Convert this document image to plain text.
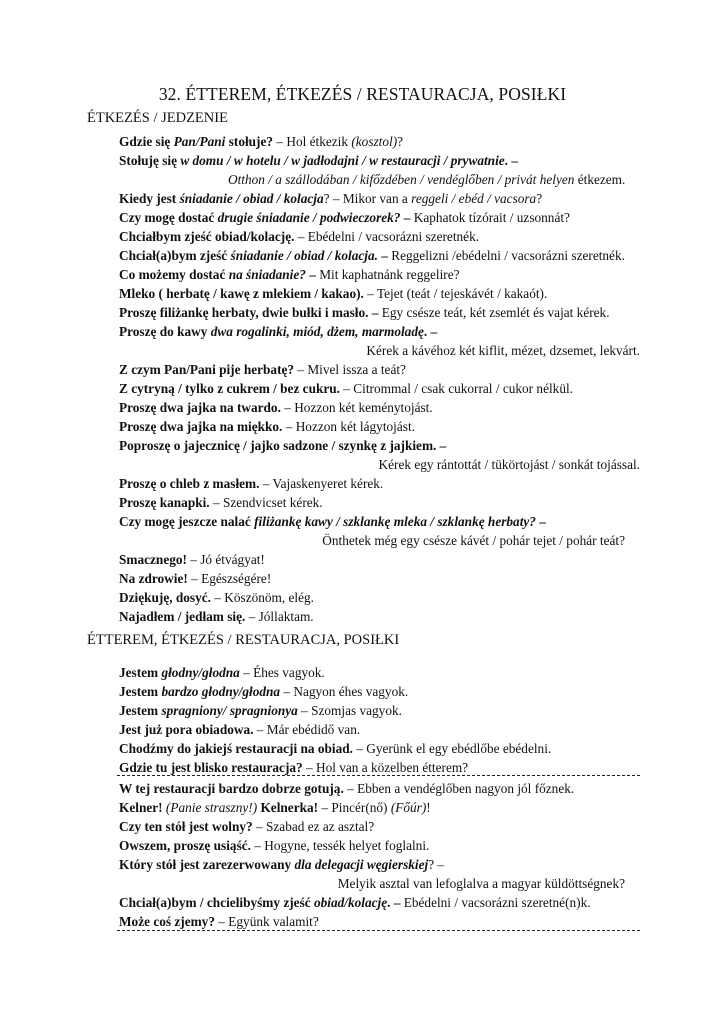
32. ÉTTEREM, ÉTKEZÉS / RESTAURACJA, POSIŁKI
ÉTKEZÉS / JEDZENIE
ÉTTEREM, ÉTKEZÉS / RESTAURACJA, POSIŁKI
Gdzie się Pan/Pani stołuje? – Hol étkezik (kosztol)?
Stołuję się w domu / w hotelu / w jadłodajni / w restauracji / prywatnie. –
Otthon / a szállodában / kifőzdében / vendéglőben / privát helyen étkezem.
Kiedy jest śniadanie / obiad / kolacja? – Mikor van a reggeli / ebéd / vacsora?
Czy mogę dostać drugie śniadanie / podwieczorek? – Kaphatok tízórait / uzsonnát?
Chciałbym zjeść obiad/kolację. – Ebédelni / vacsorázni szeretnék.
Chciał(a)bym zjeść śniadanie / obiad / kolacja. – Reggelizni /ebédelni / vacsorázni szeretnék.
Co możemy dostać na śniadanie? – Mit kaphatnánk reggelire?
Mleko ( herbatę / kawę z mlekiem / kakao). – Tejet (teát / tejeskávét / kakaót).
Proszę filiżankę herbaty, dwie bułki i masło. – Egy csésze teát, két zsemlét és vajat kérek.
Proszę do kawy dwa rogalinki, miód, dżem, marmoladę. –
Kérek a kávéhoz két kiflit, mézet, dzsemet, lekvárt.
Z czym Pan/Pani pije herbatę? – Mivel issza a teát?
Z cytryną / tylko z cukrem / bez cukru. – Citrommal / csak cukorral / cukor nélkül.
Proszę dwa jajka na twardo. – Hozzon két keménytojást.
Proszę dwa jajka na miękko. – Hozzon két lágytojást.
Poproszę o jajecznicę / jajko sadzone / szynkę z jajkiem. –
Kérek egy rántottát / tükörtojást / sonkát tojással.
Proszę o chleb z masłem. – Vajaskenyeret kérek.
Proszę kanapki. – Szendvicset kérek.
Czy mogę jeszcze nalać filiżankę kawy / szklankę mleka / szklankę herbaty? –
Önthetek még egy csésze kávét / pohár tejet / pohár teát?
Smacznego! – Jó étvágyat!
Na zdrowie! – Egészségére!
Dziękuję, dosyć. – Köszönöm, elég.
Najadłem / jedłam się. – Jóllaktam.
Jestem głodny/głodna – Éhes vagyok.
Jestem bardzo głodny/głodna – Nagyon éhes vagyok.
Jestem spragniony/ spragnionya – Szomjas vagyok.
Jest już pora obiadowa. – Már ebédidő van.
Chodźmy do jakiejś restauracji na obiad. – Gyerünk el egy ebédlőbe ebédelni.
Gdzie tu jest blisko restauracja? – Hol van a közelben étterem?
W tej restauracji bardzo dobrze gotują. – Ebben a vendéglőben nagyon jól főznek.
Kelner! (Panie straszny!) Kelnerka! – Pincér(nő) (Főúr)!
Czy ten stół jest wolny? – Szabad ez az asztal?
Owszem, proszę usiąść. – Hogyne, tessék helyet foglalni.
Który stół jest zarezerwowany dla delegacji węgierskiej? –
Melyik asztal van lefoglalva a magyar küldöttségnek?
Chciał(a)bym / chcielibyśmy zjeść obiad/kolację. – Ebédelni / vacsorázni szeretné(n)k.
Może coś zjemy? – Együnk valamit?
